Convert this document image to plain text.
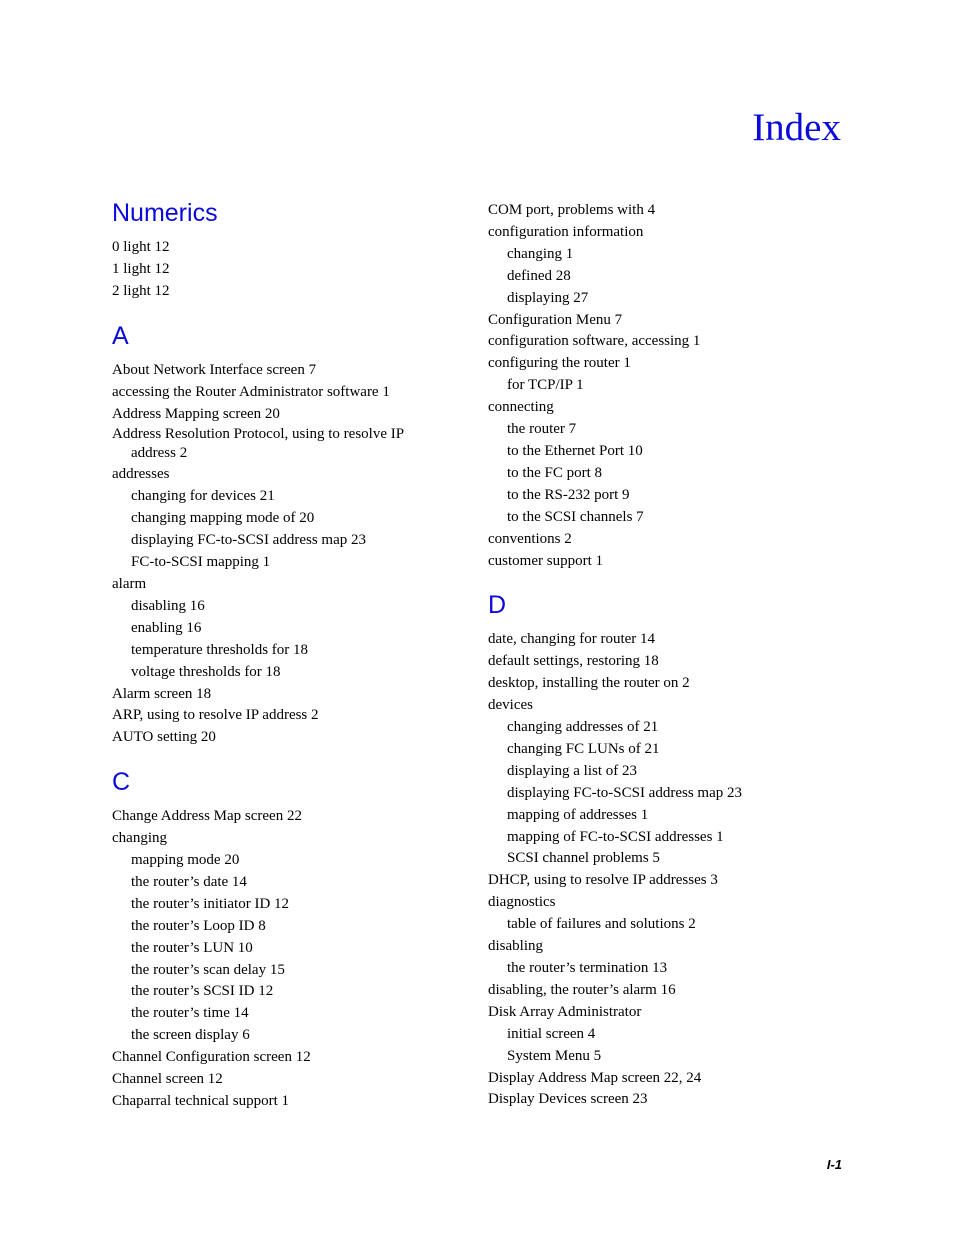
Index
Numerics

0 light 12

1 light 12

2 light 12

A

About Network Interface screen 7

accessing the Router Administrator software 1

Address Mapping screen 20

Address Resolution Protocol, using to resolve IP
address 2

addresses

changing for devices 21

changing mapping mode of 20

displaying FC-to-SCSI address map 23

FC-to-SCSI mapping 1

alarm

disabling 16

enabling 16

temperature thresholds for 18

voltage thresholds for 18

Alarm screen 18

ARP, using to resolve IP address 2

AUTO setting 20

C

Change Address Map screen 22

changing

mapping mode 20

the router’s date 14

the router’s initiator ID 12

the router’s Loop ID 8

the router’s LUN 10

the router’s scan delay 15

the router’s SCSI ID 12

the router’s time 14

the screen display 6

Channel Configuration screen 12

Channel screen 12

Chaparral technical support 1

COM port, problems with 4

configuration information

changing 1

defined 28

displaying 27

Configuration Menu 7

configuration software, accessing 1

configuring the router 1

for TCP/IP 1

connecting

the router 7

to the Ethernet Port 10

to the FC port 8

to the RS-232 port 9

to the SCSI channels 7

conventions 2

customer support 1

D

date, changing for router 14

default settings, restoring 18

desktop, installing the router on 2

devices

changing addresses of 21

changing FC LUNs of 21

displaying a list of 23

displaying FC-to-SCSI address map 23

mapping of addresses 1

mapping of FC-to-SCSI addresses 1

SCSI channel problems 5

DHCP, using to resolve IP addresses 3

diagnostics

table of failures and solutions 2

disabling

the router’s termination 13

disabling, the router’s alarm 16

Disk Array Administrator

initial screen 4

System Menu 5

Display Address Map screen 22, 24

Display Devices screen 23

I-1
